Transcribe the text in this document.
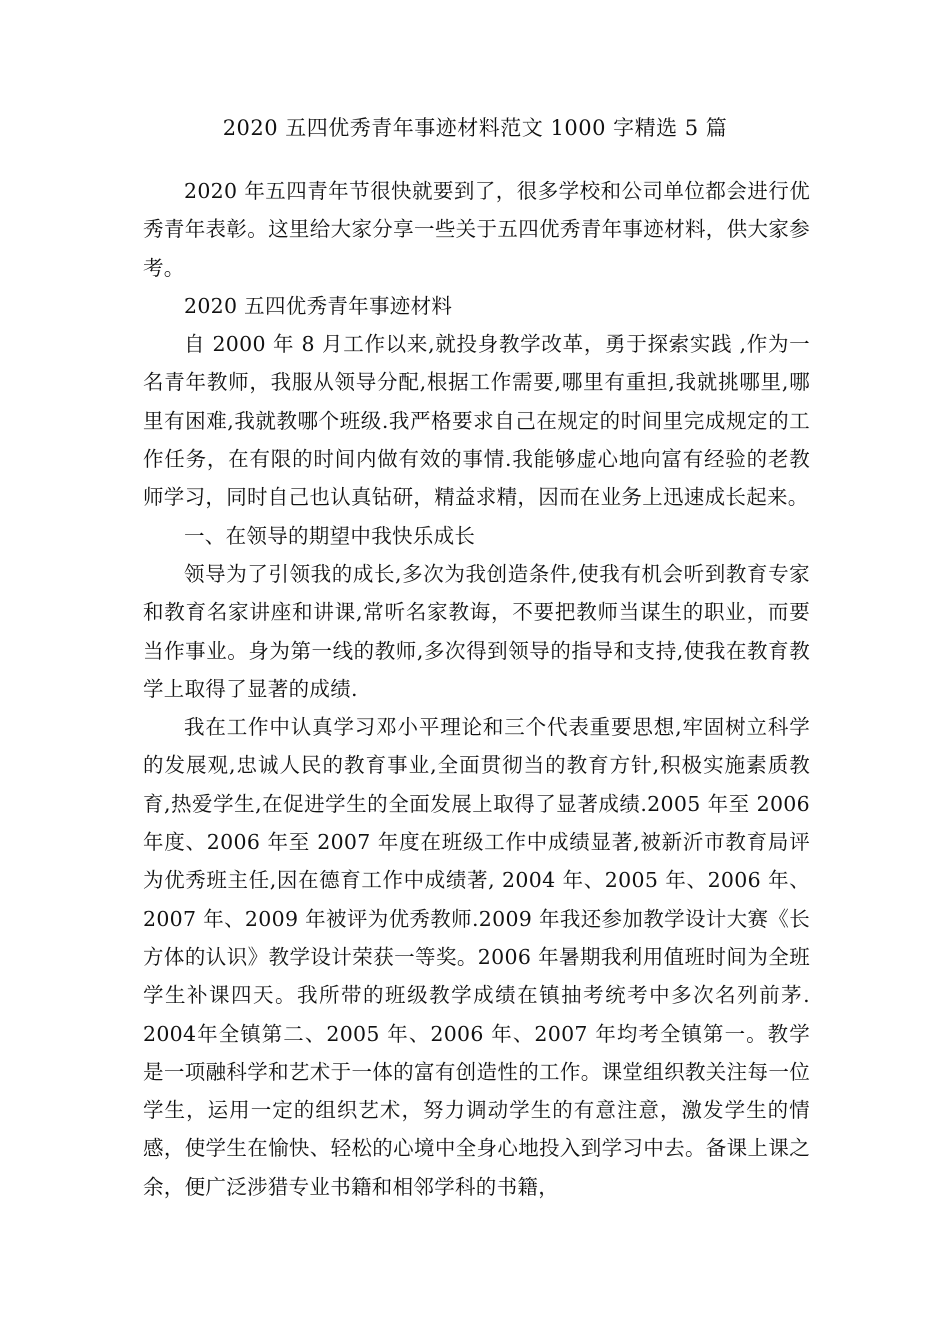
2020 五四优秀青年事迹材料范文 1000 字精选 5 篇

2020 年五四青年节很快就要到了，很多学校和公司单位都会进行优秀青年表彰。这里给大家分享一些关于五四优秀青年事迹材料，供大家参考。

2020 五四优秀青年事迹材料

自 2000 年 8 月工作以来,就投身教学改革，勇于探索实践 ,作为一名青年教师，我服从领导分配,根据工作需要,哪里有重担,我就挑哪里,哪里有困难,我就教哪个班级.我严格要求自己在规定的时间里完成规定的工作任务，在有限的时间内做有效的事情.我能够虚心地向富有经验的老教师学习，同时自己也认真钻研，精益求精，因而在业务上迅速成长起来。

一、在领导的期望中我快乐成长

领导为了引领我的成长,多次为我创造条件,使我有机会听到教育专家和教育名家讲座和讲课,常听名家教诲，不要把教师当谋生的职业，而要当作事业。身为第一线的教师,多次得到领导的指导和支持,使我在教育教学上取得了显著的成绩.

我在工作中认真学习邓小平理论和三个代表重要思想,牢固树立科学的发展观,忠诚人民的教育事业,全面贯彻当的教育方针,积极实施素质教育,热爱学生,在促进学生的全面发展上取得了显著成绩.2005 年至 2006 年度、2006 年至 2007 年度在班级工作中成绩显著,被新沂市教育局评为优秀班主任,因在德育工作中成绩著, 2004 年、2005 年、2006 年、2007 年、2009 年被评为优秀教师.2009 年我还参加教学设计大赛《长方体的认识》教学设计荣获一等奖。2006 年暑期我利用值班时间为全班学生补课四天。我所带的班级教学成绩在镇抽考统考中多次名列前茅. 2004年全镇第二、2005 年、2006 年、2007 年均考全镇第一。教学是一项融科学和艺术于一体的富有创造性的工作。课堂组织教关注每一位学生，运用一定的组织艺术，努力调动学生的有意注意，激发学生的情感，使学生在愉快、轻松的心境中全身心地投入到学习中去。备课上课之余，便广泛涉猎专业书籍和相邻学科的书籍，
